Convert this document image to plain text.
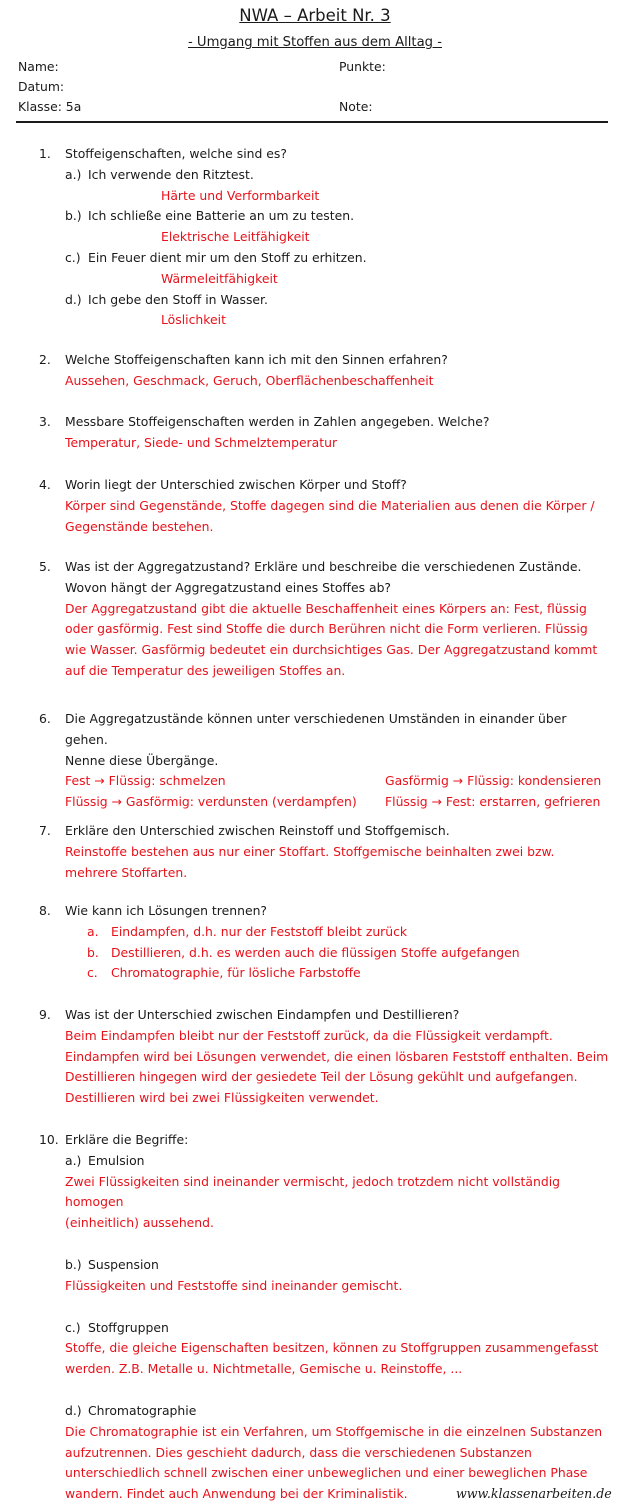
NWA – Arbeit Nr. 3
- Umgang mit Stoffen aus dem Alltag -
Name:
Datum:
Klasse: 5a
Punkte:
Note:
1.	Stoffeigenschaften, welche sind es?
a.) Ich verwende den Ritztest.
Härte und Verformbarkeit
b.) Ich schließe eine Batterie an um zu testen.
Elektrische Leitfähigkeit
c.) Ein Feuer dient mir um den Stoff zu erhitzen.
Wärmeleitfähigkeit
d.) Ich gebe den Stoff in Wasser.
Löslichkeit
2.	Welche Stoffeigenschaften kann ich mit den Sinnen erfahren?
Aussehen, Geschmack, Geruch, Oberflächenbeschaffenheit
3.	Messbare Stoffeigenschaften werden in Zahlen angegeben. Welche?
Temperatur, Siede- und Schmelztemperatur
4.	Worin liegt der Unterschied zwischen Körper und Stoff?
Körper sind Gegenstände, Stoffe dagegen sind die Materialien aus denen die Körper /
Gegenstände bestehen.
5.	Was ist der Aggregatzustand? Erkläre und beschreibe die verschiedenen Zustände.
Wovon hängt der Aggregatzustand eines Stoffes ab?
Der Aggregatzustand gibt die aktuelle Beschaffenheit eines Körpers an: Fest, flüssig
oder gasförmig. Fest sind Stoffe die durch Berühren nicht die Form verlieren. Flüssig
wie Wasser. Gasförmig bedeutet ein durchsichtiges Gas. Der Aggregatzustand kommt
auf die Temperatur des jeweiligen Stoffes an.
6.	Die Aggregatzustände können unter verschiedenen Umständen in einander über gehen.
Nenne diese Übergänge.
Fest → Flüssig: schmelzen	Gasförmig → Flüssig: kondensieren
Flüssig → Gasförmig: verdunsten (verdampfen) Flüssig → Fest: erstarren, gefrieren
7.	Erkläre den Unterschied zwischen Reinstoff und Stoffgemisch.
Reinstoffe bestehen aus nur einer Stoffart. Stoffgemische beinhalten zwei bzw.
mehrere Stoffarten.
8.	Wie kann ich Lösungen trennen?
a. Eindampfen, d.h. nur der Feststoff bleibt zurück
b. Destillieren, d.h. es werden auch die flüssigen Stoffe aufgefangen
c. Chromatographie, für lösliche Farbstoffe
9.	Was ist der Unterschied zwischen Eindampfen und Destillieren?
Beim Eindampfen bleibt nur der Feststoff zurück, da die Flüssigkeit verdampft.
Eindampfen wird bei Lösungen verwendet, die einen lösbaren Feststoff enthalten. Beim
Destillieren hingegen wird der gesiedete Teil der Lösung gekühlt und aufgefangen.
Destillieren wird bei zwei Flüssigkeiten verwendet.
10. Erkläre die Begriffe:
a.) Emulsion
Zwei Flüssigkeiten sind ineinander vermischt, jedoch trotzdem nicht vollständig homogen
(einheitlich) aussehend.
b.) Suspension
Flüssigkeiten und Feststoffe sind ineinander gemischt.
c.) Stoffgruppen
Stoffe, die gleiche Eigenschaften besitzen, können zu Stoffgruppen zusammengefasst
werden. Z.B. Metalle u. Nichtmetalle, Gemische u. Reinstoffe, ...
d.) Chromatographie
Die Chromatographie ist ein Verfahren, um Stoffgemische in die einzelnen Substanzen
aufzutrennen. Dies geschieht dadurch, dass die verschiedenen Substanzen
unterschiedlich schnell zwischen einer unbeweglichen und einer beweglichen Phase
wandern. Findet auch Anwendung bei der Kriminalistik.	www.klassenarbeiten.de
